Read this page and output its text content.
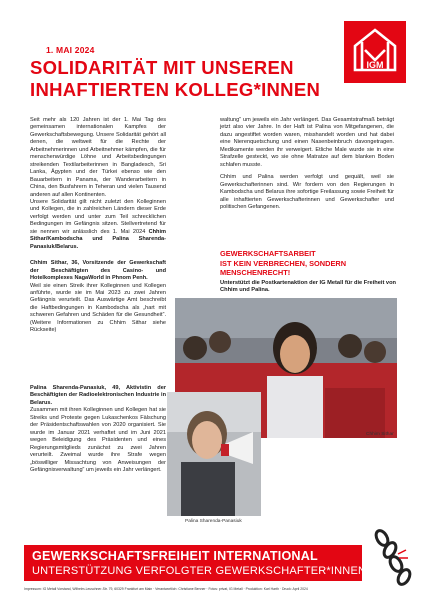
IGM
1. MAI 2024
SOLIDARITÄT MIT UNSEREN
INHAFTIERTEN KOLLEG*INNEN

Seit mehr als 120 Jahren ist der 1. Mai Tag des gemeinsamen internationalen Kampfes der Gewerkschaftsbewegung. Unsere Solidarität gehört all denen, die weltweit für die Rechte der Arbeitnehmerinnen und Arbeitnehmer kämpfen, die für menschenwürdige Löhne und Arbeitsbedingungen streikenden Textilarbeiterinnen in Bangladesch, Sri Lanka, Ägypten und der Türkei ebenso wie den Bauarbeitern in Panama, der Wanderarbeitern in China, den Busfahrern in Teheran und vielen Tausend anderen auf allen Kontinenten.

Unsere Solidarität gilt nicht zuletzt den Kolleginnen und Kollegen, die in zahlreichen Ländern dieser Erde verfolgt werden und unter zum Teil schrecklichen Bedingungen im Gefängnis sitzen. Stellvertretend für sie nennen wir anlässlich des 1. Mai 2024 Chhim Sithar/Kambodscha und Palina Sharenda-Panasiuk/Belarus.

Chhim Sithar, 36, Vorsitzende der Gewerkschaft der Beschäftigten des Casino- und Hotelkomplexes NagaWorld in Phnom Penh.

Weil sie einen Streik ihrer Kolleginnen und Kollegen anführte, wurde sie im Mai 2023 zu zwei Jahren Gefängnis verurteilt. Das Auswärtige Amt beschreibt die Haftbedingungen in Kambodscha als „hart mit schweren Gefahren und Schäden für die Gesundheit“. (Weitere Informationen zu Chhim Sithar siehe Rückseite)

Palina Sharenda-Panasiuk, 49, Aktivistin der Beschäftigten der Radioelektronischen Industrie in Belarus.

Zusammen mit ihren Kolleginnen und Kollegen hat sie Streiks und Proteste gegen Lukaschenkos Fälschung der Präsidentschaftswahlen von 2020 organisiert. Sie wurde im Januar 2021 verhaftet und im Juni 2021 wegen Beleidigung des Präsidenten und eines Regierungsmitglieds zunächst zu zwei Jahren verurteilt. Zweimal wurde ihre Strafe wegen „böswilliger Missachtung von Anweisungen der Gefängnisverwaltung“ um jeweils ein Jahr verlängert.

waltung“ um jeweils ein Jahr verlängert. Das Gesamtstrafmaß beträgt jetzt also vier Jahre. In der Haft ist Palina von Mitgefangenen, die dazu angestiftet worden waren, misshandelt worden und hat dabei eine Nierenquetschung und einen Nasenbeinbruch davongetragen. Medikamente werden ihr verweigert. Etliche Male wurde sie in eine Strafzelle gesteckt, wo sie ohne Matratze auf dem blanken Boden schlafen musste.

Chhim und Palina werden verfolgt und gequält, weil sie Gewerkschafterinnen sind. Wir fordern von den Regierungen in Kambodscha und Belarus ihre sofortige Freilassung sowie Freiheit für alle inhaftierten Gewerkschafterinnen und Gewerkschafter und politischen Gefangenen.

GEWERKSCHAFTSARBEIT
IST KEIN VERBRECHEN, SONDERN
MENSCHENRECHT!
Unterstützt die Postkartenaktion der IG Metall für die Freiheit von Chhim und Palina.
Chhim Sithar
Palina Sharenda-Panasiuk
GEWERKSCHAFTSFREIHEIT INTERNATIONAL
UNTERSTÜTZUNG VERFOLGTER GEWERKSCHAFTER*INNEN
Impressum: IG Metall Vorstand, Wilhelm-Leuschner-Str. 79, 60329 Frankfurt am Main · Verantwortlich: Christiane Benner · Fotos: privat, IG Metall · Produktion: Karl Harth · Druck: April 2024
